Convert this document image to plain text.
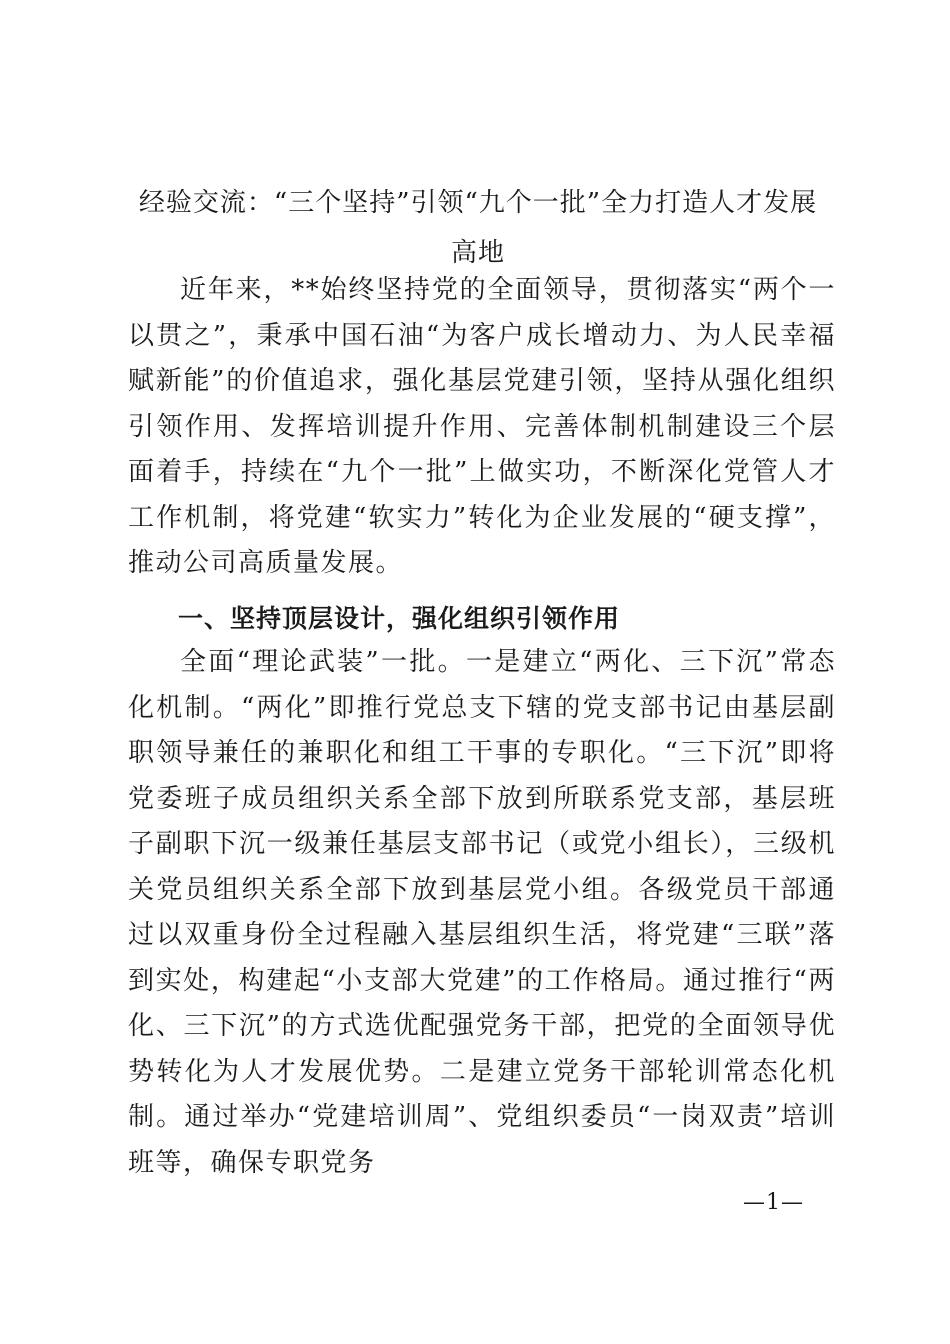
经验交流：“三个坚持”引领“九个一批”全力打造人才发展高地

近年来，**始终坚持党的全面领导，贯彻落实“两个一以贯之”，秉承中国石油“为客户成长增动力、为人民幸福赋新能”的价值追求，强化基层党建引领，坚持从强化组织引领作用、发挥培训提升作用、完善体制机制建设三个层面着手，持续在“九个一批”上做实功，不断深化党管人才工作机制，将党建“软实力”转化为企业发展的“硬支撑”，推动公司高质量发展。

一、坚持顶层设计，强化组织引领作用

全面“理论武装”一批。一是建立“两化、三下沉”常态化机制。“两化”即推行党总支下辖的党支部书记由基层副职领导兼任的兼职化和组工干事的专职化。“三下沉”即将党委班子成员组织关系全部下放到所联系党支部，基层班子副职下沉一级兼任基层支部书记（或党小组长），三级机关党员组织关系全部下放到基层党小组。各级党员干部通过以双重身份全过程融入基层组织生活，将党建“三联”落到实处，构建起“小支部大党建”的工作格局。通过推行“两化、三下沉”的方式选优配强党务干部，把党的全面领导优势转化为人才发展优势。二是建立党务干部轮训常态化机制。通过举办“党建培训周”、党组织委员“一岗双责”培训班等，确保专职党务

—1—
